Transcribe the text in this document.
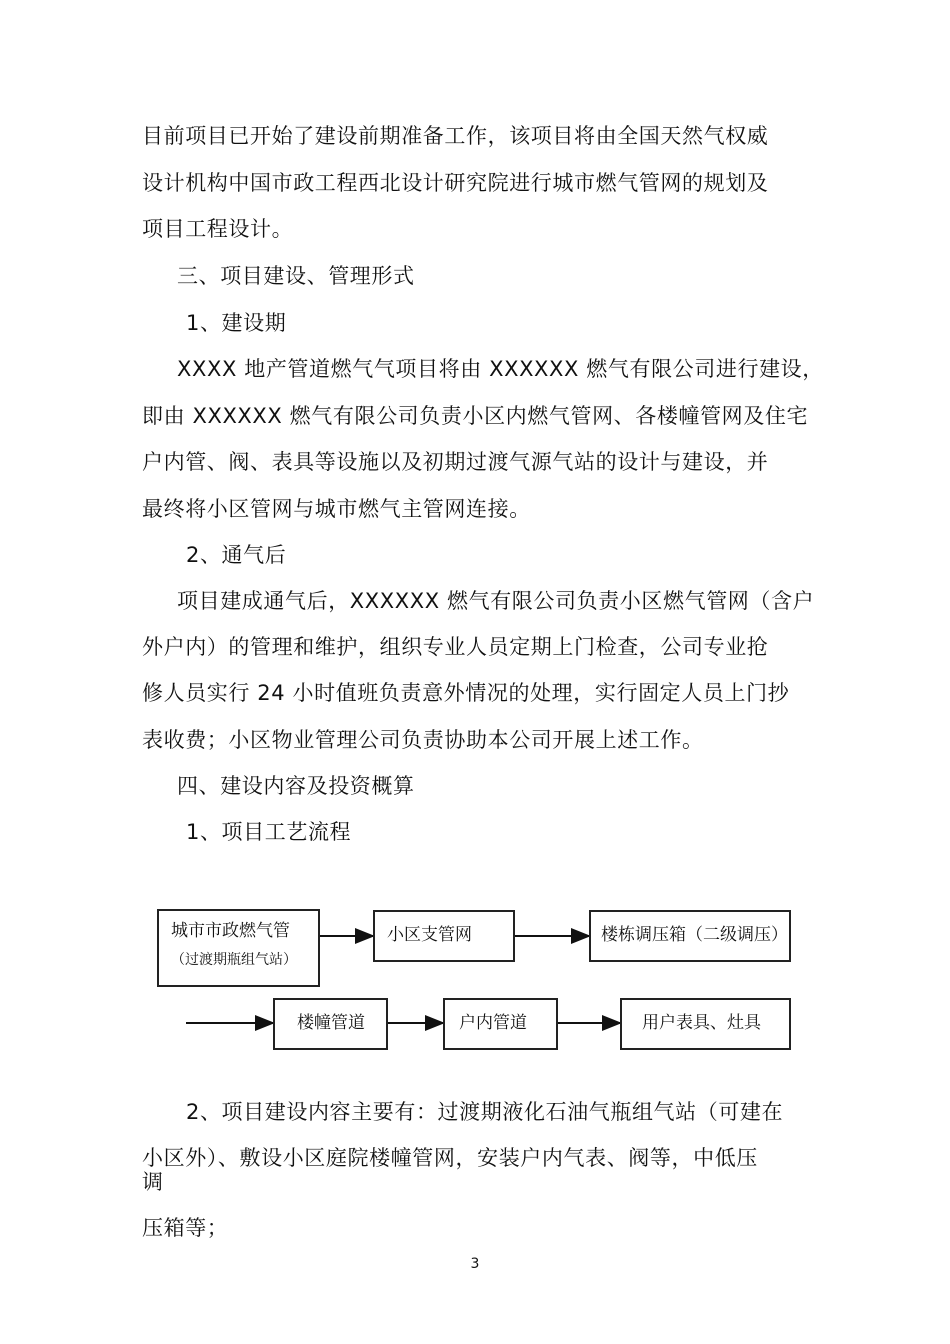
目前项目已开始了建设前期准备工作，该项目将由全国天然气权威
设计机构中国市政工程西北设计研究院进行城市燃气管网的规划及
项目工程设计。
三、项目建设、管理形式
1、建设期
XXXX 地产管道燃气气项目将由 XXXXXX 燃气有限公司进行建设，
即由 XXXXXX 燃气有限公司负责小区内燃气管网、各楼幢管网及住宅
户内管、阀、表具等设施以及初期过渡气源气站的设计与建设，并
最终将小区管网与城市燃气主管网连接。
2、通气后
项目建成通气后，XXXXXX 燃气有限公司负责小区燃气管网（含户
外户内）的管理和维护，组织专业人员定期上门检查，公司专业抢
修人员实行 24 小时值班负责意外情况的处理，实行固定人员上门抄
表收费；小区物业管理公司负责协助本公司开展上述工作。
四、建设内容及投资概算
1、项目工艺流程
城市市政燃气管
（过渡期瓶组气站）
小区支管网	楼栋调压箱（二级调压）
楼幢管道	户内管道	用户表具、灶具
2、项目建设内容主要有：过渡期液化石油气瓶组气站（可建在
小区外）、敷设小区庭院楼幢管网，安装户内气表、阀等，中低压
调
压箱等；
3
